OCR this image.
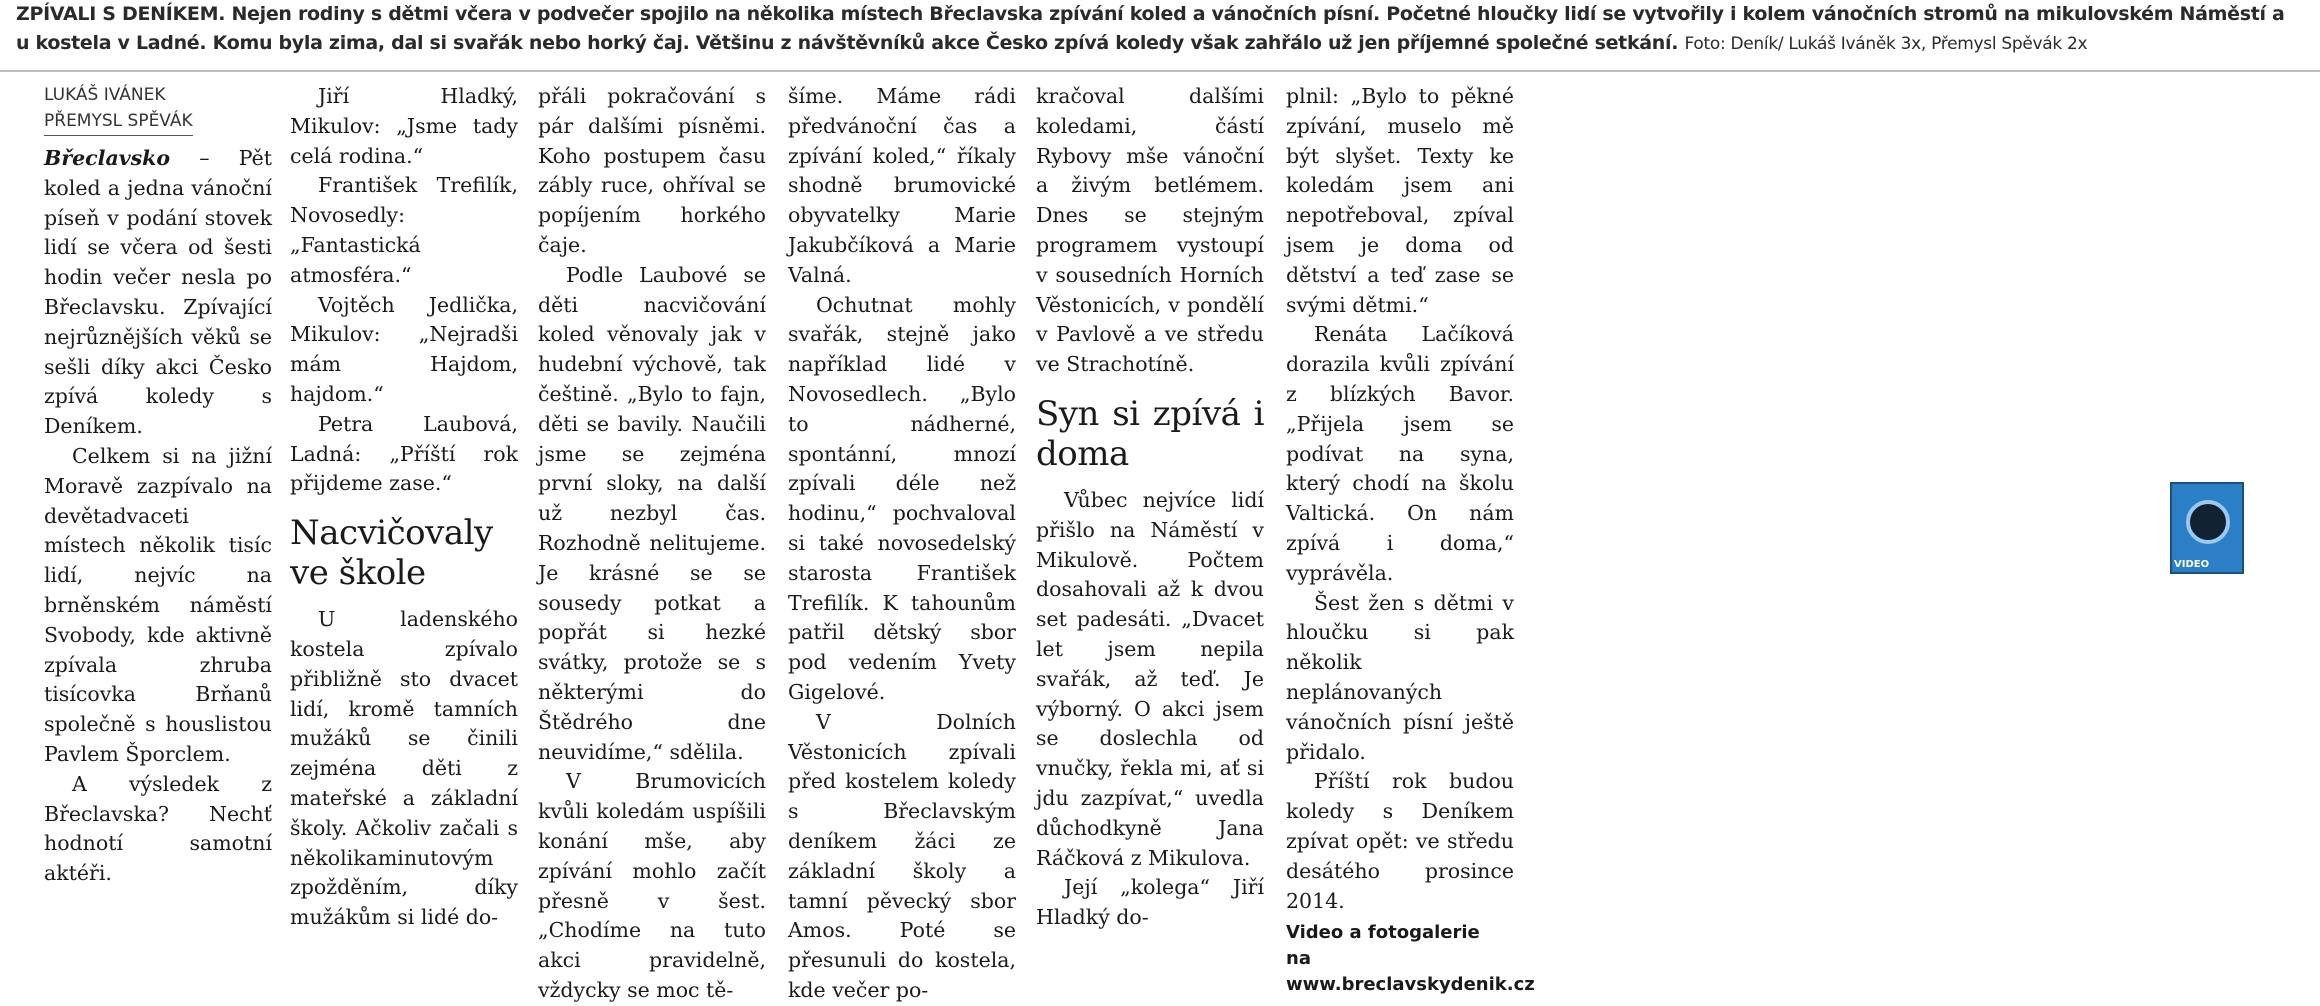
ZPÍVALI S DENÍKEM. Nejen rodiny s dětmi včera v podvečer spojilo na několika místech Břeclavska zpívání koled a vánočních písní. Početné hloučky lidí se vytvořily i kolem vánočních stromů na mikulovském Náměstí a u kostela v Ladné. Komu byla zima, dal si svařák nebo horký čaj. Většinu z návštěvníků akce Česko zpívá koledy však zahřálo už jen příjemné společné setkání. Foto: Deník/ Lukáš Iváněk 3x, Přemysl Spěvák 2x
LUKÁŠ IVÁNEK
PŘEMYSL SPĚVÁK

Břeclavsko – Pět koled a jedna vánoční píseň v podání stovek lidí se včera od šesti hodin večer nesla po Břeclavsku. Zpívající nejrůznějších věků se sešli díky akci Česko zpívá koledy s Deníkem.

Celkem si na jižní Moravě zazpívalo na devětadvaceti místech několik tisíc lidí, nejvíc na brněnském náměstí Svobody, kde aktivně zpívala zhruba tisícovka Brňanů společně s houslistou Pavlem Šporclem.

A výsledek z Břeclavska? Nechť hodnotí samotní aktéři.

Jiří Hladký, Mikulov: „Jsme tady celá rodina.“

František Trefilík, Novosedly: „Fantastická atmosféra.“

Vojtěch Jedlička, Mikulov: „Nejradši mám Hajdom, hajdom.“

Petra Laubová, Ladná: „Příští rok přijdeme zase.“

Nacvičovaly ve škole

U ladenského kostela zpívalo přibližně sto dvacet lidí, kromě tamních mužáků se činili zejména děti z mateřské a základní školy. Ačkoliv začali s několikaminutovým zpožděním, díky mužákům si lidé do-

přáli pokračování s pár dalšími písněmi. Koho postupem času zábly ruce, ohříval se popíjením horkého čaje.

Podle Laubové se děti nacvičování koled věnovaly jak v hudební výchově, tak češtině. „Bylo to fajn, děti se bavily. Naučili jsme se zejména první sloky, na další už nezbyl čas. Rozhodně nelitujeme. Je krásné se se sousedy potkat a popřát si hezké svátky, protože se s některými do Štědrého dne neuvidíme,“ sdělila.

V Brumovicích kvůli koledám uspíšili konání mše, aby zpívání mohlo začít přesně v šest. „Chodíme na tuto akci pravidelně, vždycky se moc tě-

šíme. Máme rádi předvánoční čas a zpívání koled,“ říkaly shodně brumovické obyvatelky Marie Jakubčíková a Marie Valná.

Ochutnat mohly svařák, stejně jako například lidé v Novosedlech. „Bylo to nádherné, spontánní, mnozí zpívali déle než hodinu,“ pochvaloval si také novosedelský starosta František Trefilík. K tahounům patřil dětský sbor pod vedením Yvety Gigelové.

V Dolních Věstonicích zpívali před kostelem koledy s Břeclavským deníkem žáci ze základní školy a tamní pěvecký sbor Amos. Poté se přesunuli do kostela, kde večer po-

kračoval dalšími koledami, částí Rybovy mše vánoční a živým betlémem. Dnes se stejným programem vystoupí v sousedních Horních Věstonicích, v pondělí v Pavlově a ve středu ve Strachotíně.

Syn si zpívá i doma

Vůbec nejvíce lidí přišlo na Náměstí v Mikulově. Počtem dosahovali až k dvou set padesáti. „Dvacet let jsem nepila svařák, až teď. Je výborný. O akci jsem se doslechla od vnučky, řekla mi, ať si jdu zazpívat,“ uvedla důchodkyně Jana Ráčková z Mikulova.

Její „kolega“ Jiří Hladký do-

plnil: „Bylo to pěkné zpívání, muselo mě být slyšet. Texty ke koledám jsem ani nepotřeboval, zpíval jsem je doma od dětství a teď zase se svými dětmi.“

Renáta Lačíková dorazila kvůli zpívání z blízkých Bavor. „Přijela jsem se podívat na syna, který chodí na školu Valtická. On nám zpívá i doma,“ vyprávěla.

Šest žen s dětmi v hloučku si pak několik neplánovaných vánočních písní ještě přidalo.

Příští rok budou koledy s Deníkem zpívat opět: ve středu desátého prosince 2014.

Video a fotogalerie
na www.breclavskydenik.cz
VIDEO
